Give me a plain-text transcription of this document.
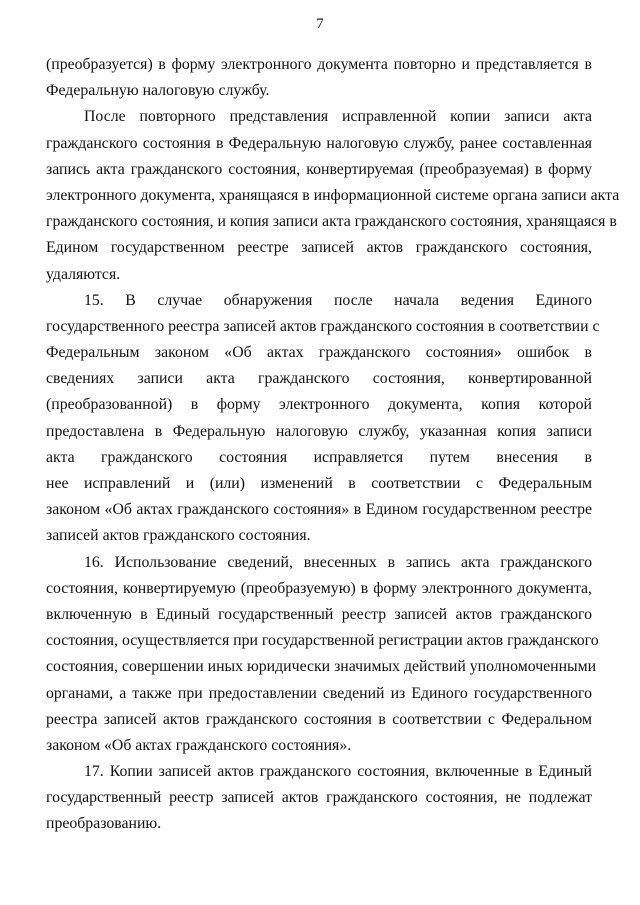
7
(преобразуется) в форму электронного документа повторно и представляется в
Федеральную налоговую службу.
После повторного представления исправленной копии записи акта
гражданского состояния в Федеральную налоговую службу, ранее составленная
запись акта гражданского состояния, конвертируемая (преобразуемая) в форму
электронного документа, хранящаяся в информационной системе органа записи акта
гражданского состояния, и копия записи акта гражданского состояния, хранящаяся в
Едином государственном реестре записей актов гражданского состояния,
удаляются.
15. В случае обнаружения после начала ведения Единого
государственного реестра записей актов гражданского состояния в соответствии с
Федеральным законом «Об актах гражданского состояния» ошибок в
сведениях записи акта гражданского состояния, конвертированной
(преобразованной) в форму электронного документа, копия которой
предоставлена в Федеральную налоговую службу, указанная копия записи
акта гражданского состояния исправляется путем внесения в
нее исправлений и (или) изменений в соответствии с Федеральным
законом «Об актах гражданского состояния» в Едином государственном реестре
записей актов гражданского состояния.
16. Использование сведений, внесенных в запись акта гражданского
состояния, конвертируемую (преобразуемую) в форму электронного документа,
включенную в Единый государственный реестр записей актов гражданского
состояния, осуществляется при государственной регистрации актов гражданского
состояния, совершении иных юридически значимых действий уполномоченными
органами, а также при предоставлении сведений из Единого государственного
реестра записей актов гражданского состояния в соответствии с Федеральном
законом «Об актах гражданского состояния».
17. Копии записей актов гражданского состояния, включенные в Единый
государственный реестр записей актов гражданского состояния, не подлежат
преобразованию.
